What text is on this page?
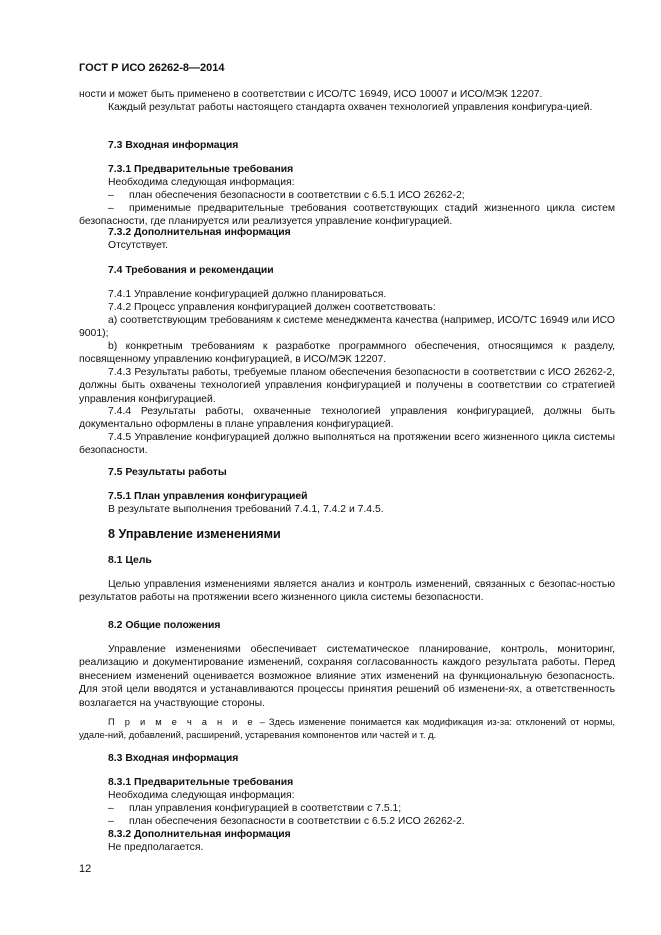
ГОСТ Р ИСО 26262-8—2014
ности и может быть применено в соответствии с ИСО/ТС 16949, ИСО 10007 и ИСО/МЭК 12207.
Каждый результат работы настоящего стандарта охвачен технологией управления конфигура-цией.
7.3 Входная информация
7.3.1 Предварительные требования
Необходима следующая информация:
– план обеспечения безопасности в соответствии с 6.5.1 ИСО 26262-2;
–	применимые предварительные требования соответствующих стадий жизненного цикла систем безопасности, где планируется или реализуется управление конфигурацией.
7.3.2 Дополнительная информация
Отсутствует.
7.4 Требования и рекомендации
7.4.1 Управление конфигурацией должно планироваться.
7.4.2 Процесс управления конфигурацией должен соответствовать:
a) соответствующим требованиям к системе менеджмента качества (например, ИСО/ТС 16949 или ИСО 9001);
b) конкретным требованиям к разработке программного обеспечения, относящимся к разделу, посвященному управлению конфигурацией, в ИСО/МЭК 12207.
7.4.3 Результаты работы, требуемые планом обеспечения безопасности в соответствии с ИСО 26262-2, должны быть охвачены технологией управления конфигурацией и получены в соответствии со стратегией управления конфигурацией.
7.4.4 Результаты работы, охваченные технологией управления конфигурацией, должны быть документально оформлены в плане управления конфигурацией.
7.4.5 Управление конфигурацией должно выполняться на протяжении всего жизненного цикла системы безопасности.
7.5 Результаты работы
7.5.1 План управления конфигурацией
В результате выполнения требований 7.4.1, 7.4.2 и 7.4.5.
8 Управление изменениями
8.1 Цель
Целью управления изменениями является анализ и контроль изменений, связанных с безопас-ностью результатов работы на протяжении всего жизненного цикла системы безопасности.
8.2 Общие положения
Управление изменениями обеспечивает систематическое планирование, контроль, мониторинг, реализацию и документирование изменений, сохраняя согласованность каждого результата работы. Перед внесением изменений оценивается возможное влияние этих изменений на функциональную безопасность. Для этой цели вводятся и устанавливаются процессы принятия решений об изменени-ях, а ответственность возлагается на участвующие стороны.
П р и м е ч а н и е – Здесь изменение понимается как модификация из-за: отклонений от нормы, удале-ний, добавлений, расширений, устаревания компонентов или частей и т. д.
8.3 Входная информация
8.3.1 Предварительные требования
Необходима следующая информация:
– план управления конфигурацией в соответствии с 7.5.1;
– план обеспечения безопасности в соответствии с 6.5.2 ИСО 26262-2.
8.3.2 Дополнительная информация
Не предполагается.
12
